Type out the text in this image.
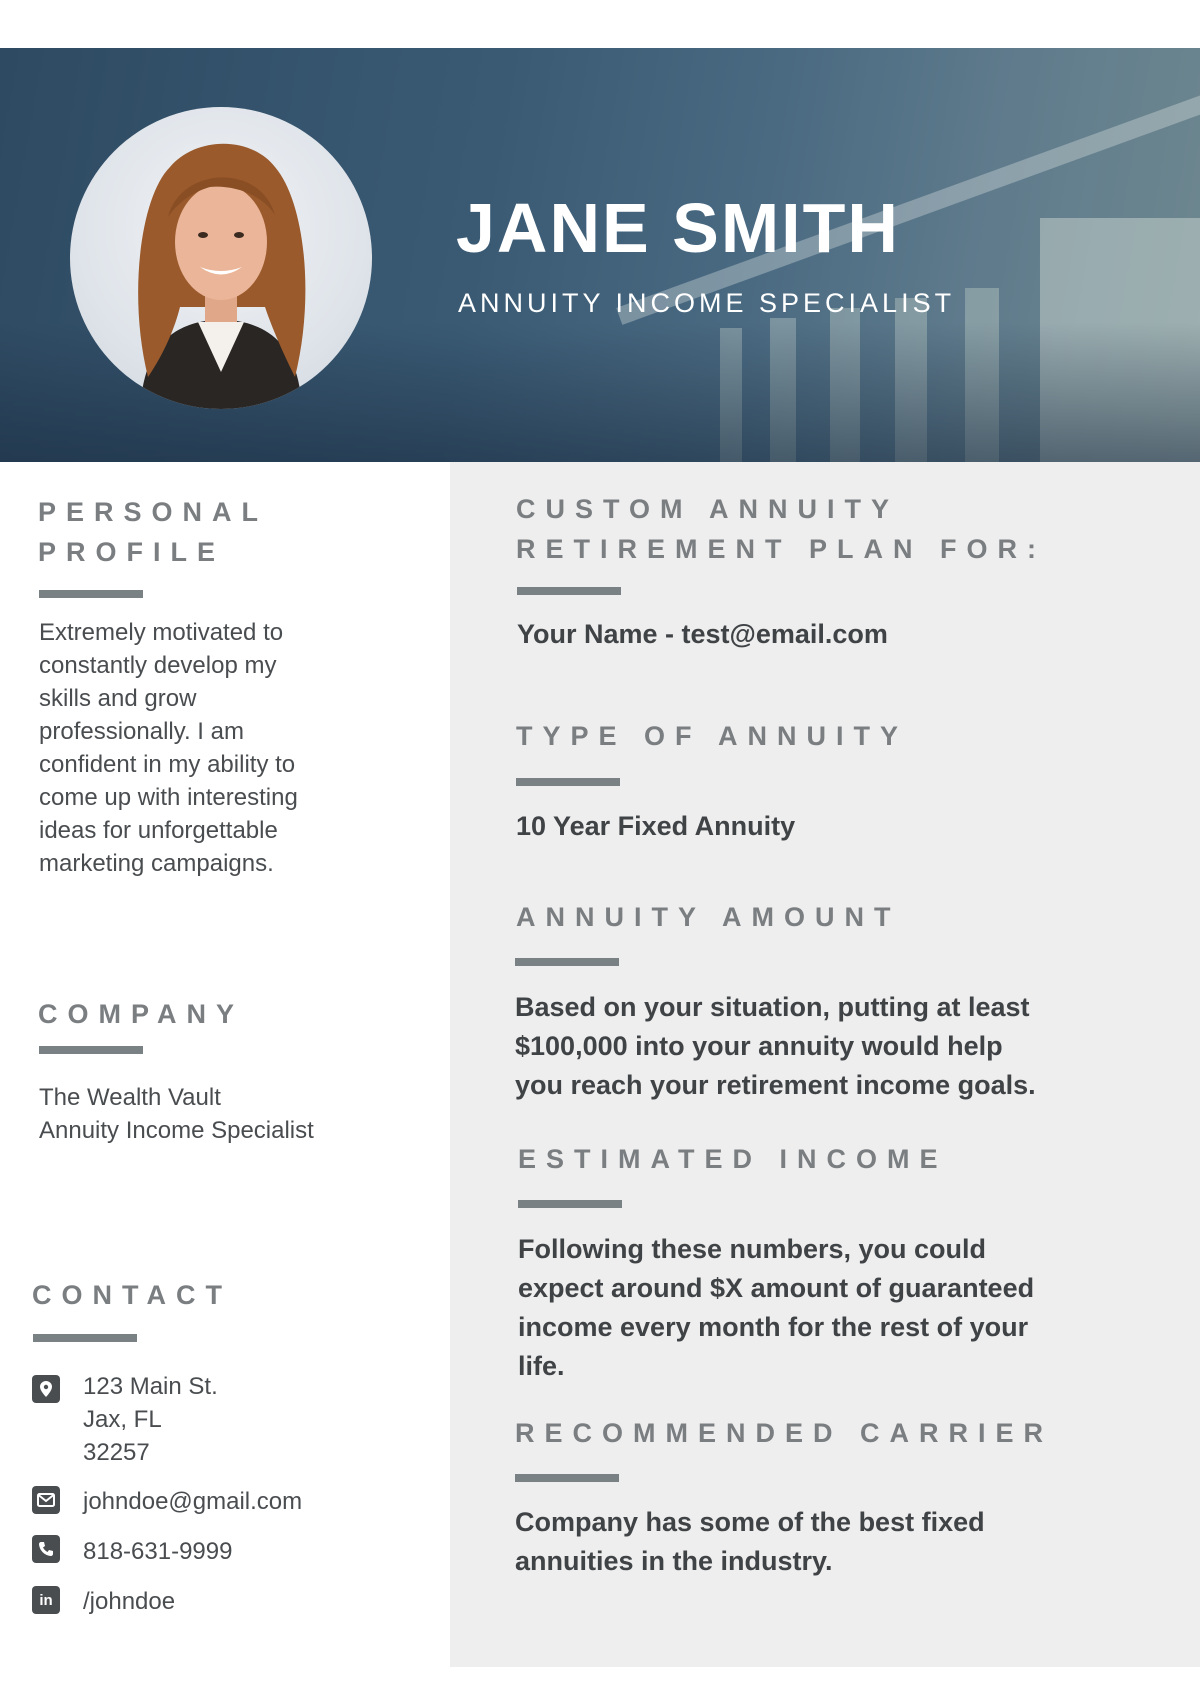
JANE SMITH
ANNUITY INCOME SPECIALIST
PERSONAL
PROFILE
Extremely motivated to
constantly develop my
skills and grow
professionally. I am
confident in my ability to
come up with interesting
ideas for unforgettable
marketing campaigns.
COMPANY
The Wealth Vault
Annuity Income Specialist
CONTACT
123 Main St.
Jax, FL
32257
johndoe@gmail.com
818-631-9999
in	/johndoe
CUSTOM ANNUITY
RETIREMENT PLAN FOR:
Your Name - test@email.com
TYPE OF ANNUITY
10 Year Fixed Annuity
ANNUITY AMOUNT
Based on your situation, putting at least
$100,000 into your annuity would help
you reach your retirement income goals.
ESTIMATED INCOME
Following these numbers, you could
expect around $X amount of guaranteed
income every month for the rest of your
life.
RECOMMENDED CARRIER
Company has some of the best fixed
annuities in the industry.
